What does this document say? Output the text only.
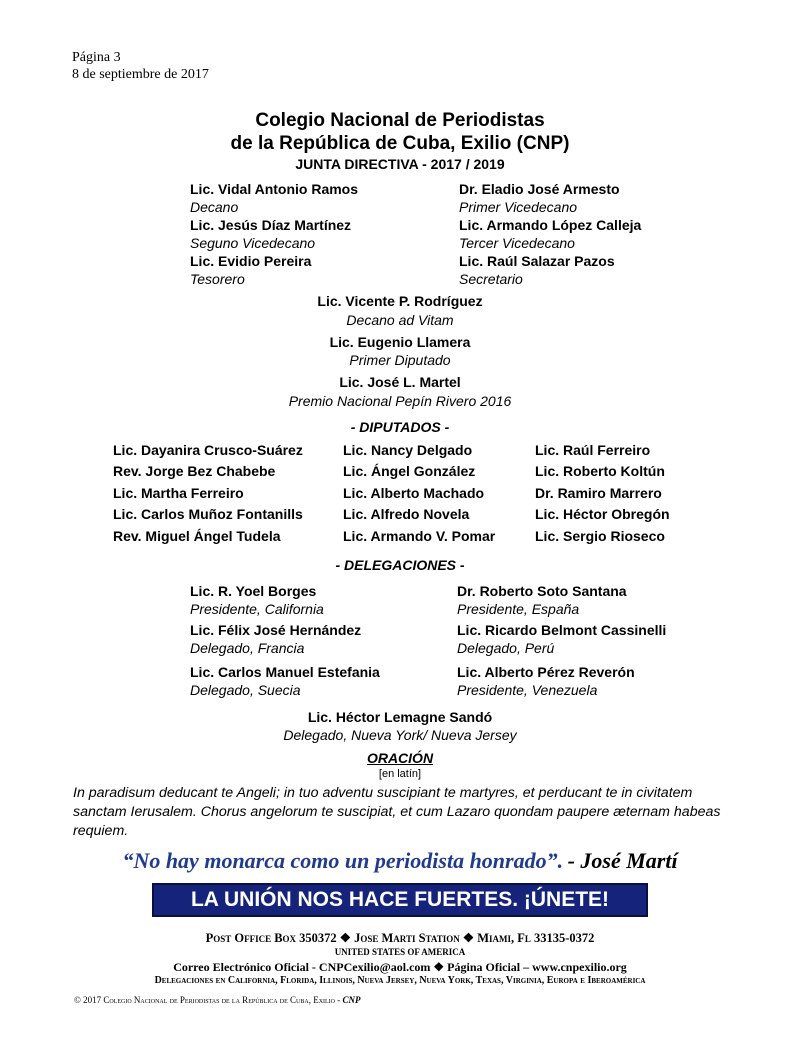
Página 3
8 de septiembre de 2017
Colegio Nacional de Periodistas
de la República de Cuba, Exilio (CNP)
JUNTA DIRECTIVA - 2017 / 2019
Lic. Vidal Antonio Ramos
Decano
Lic. Jesús Díaz Martínez
Seguno Vicedecano
Lic. Evidio Pereira
Tesorero
Dr. Eladio José Armesto
Primer Vicedecano
Lic. Armando López Calleja
Tercer Vicedecano
Lic. Raúl Salazar Pazos
Secretario
Lic. Vicente P. Rodríguez
Decano ad Vitam
Lic. Eugenio Llamera
Primer Diputado
Lic. José L. Martel
Premio Nacional Pepín Rivero 2016
- DIPUTADOS -
Lic. Dayanira Crusco-Suárez
Rev. Jorge Bez Chabebe
Lic. Martha Ferreiro
Lic. Carlos Muñoz Fontanills
Rev. Miguel Ángel Tudela
Lic. Nancy Delgado
Lic. Ángel González
Lic. Alberto Machado
Lic. Alfredo Novela
Lic. Armando V. Pomar
Lic. Raúl Ferreiro
Lic. Roberto Koltún
Dr. Ramiro Marrero
Lic. Héctor Obregón
Lic. Sergio Rioseco
- DELEGACIONES -
Lic. R. Yoel Borges
Presidente, California
Lic. Félix José Hernández
Delegado, Francia
Lic. Carlos Manuel Estefania
Delegado, Suecia
Dr. Roberto Soto Santana
Presidente, España
Lic. Ricardo Belmont Cassinelli
Delegado, Perú
Lic. Alberto Pérez Reverón
Presidente, Venezuela
Lic. Héctor Lemagne Sandó
Delegado, Nueva York/ Nueva Jersey
ORACIÓN
[en latín]
In paradisum deducant te Angeli; in tuo adventu suscipiant te martyres, et perducant te in civitatem sanctam Ierusalem. Chorus angelorum te suscipiat, et cum Lazaro quondam paupere æternam habeas requiem.
“No hay monarca como un periodista honrado”. - José Martí
LA UNIÓN NOS HACE FUERTES. ¡ÚNETE!
Post Office Box 350372 ❖ Jose Marti Station ❖ Miami, Fl 33135-0372
UNITED STATES OF AMERICA
Correo Electrónico Oficial - CNPCexilio@aol.com ❖ Página Oficial – www.cnpexilio.org
Delegaciones en California, Florida, Illinois, Nueva Jersey, Nueva York, Texas, Virginia, Europa e Iberoamérica
© 2017 Colegio Nacional de Periodistas de la República de Cuba, Exilio - CNP
